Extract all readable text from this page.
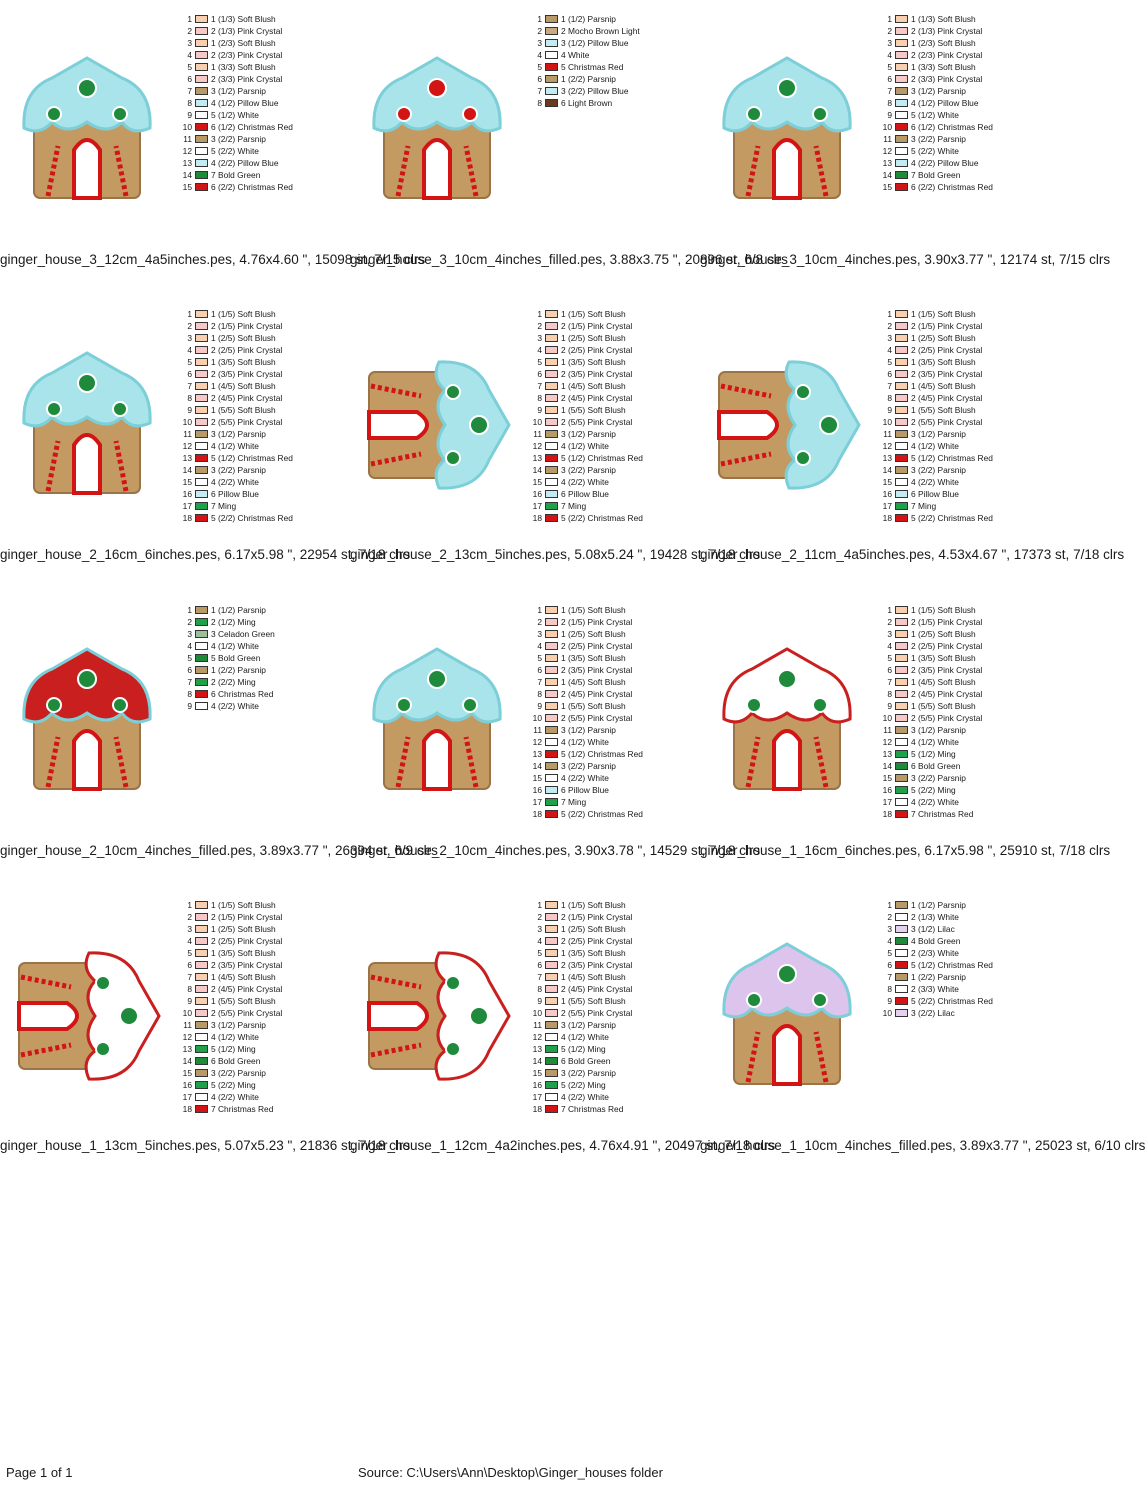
1 1 (1/3) Soft Blush
2 2 (1/3) Pink Crystal
3 1 (2/3) Soft Blush
4 2 (2/3) Pink Crystal
5 1 (3/3) Soft Blush
6 2 (3/3) Pink Crystal
7 3 (1/2) Parsnip
8 4 (1/2) Pillow Blue
9 5 (1/2) White
10 6 (1/2) Christmas Red
11 3 (2/2) Parsnip
12 5 (2/2) White
13 4 (2/2) Pillow Blue
14 7 Bold Green
15 6 (2/2) Christmas Red
ginger_house_3_12cm_4a5inches.pes, 4.76x4.60 ", 15098 st, 7/15 clrs
1 1 (1/2) Parsnip
2 2 Mocho Brown Light
3 3 (1/2) Pillow Blue
4 4 White
5 5 Christmas Red
6 1 (2/2) Parsnip
7 3 (2/2) Pillow Blue
8 6 Light Brown
ginger_house_3_10cm_4inches_filled.pes, 3.88x3.75 ", 20896 st, 6/8 clrs
1 1 (1/3) Soft Blush
2 2 (1/3) Pink Crystal
3 1 (2/3) Soft Blush
4 2 (2/3) Pink Crystal
5 1 (3/3) Soft Blush
6 2 (3/3) Pink Crystal
7 3 (1/2) Parsnip
8 4 (1/2) Pillow Blue
9 5 (1/2) White
10 6 (1/2) Christmas Red
11 3 (2/2) Parsnip
12 5 (2/2) White
13 4 (2/2) Pillow Blue
14 7 Bold Green
15 6 (2/2) Christmas Red
ginger_house_3_10cm_4inches.pes, 3.90x3.77 ", 12174 st, 7/15 clrs
1 1 (1/5) Soft Blush
2 2 (1/5) Pink Crystal
3 1 (2/5) Soft Blush
4 2 (2/5) Pink Crystal
5 1 (3/5) Soft Blush
6 2 (3/5) Pink Crystal
7 1 (4/5) Soft Blush
8 2 (4/5) Pink Crystal
9 1 (5/5) Soft Blush
10 2 (5/5) Pink Crystal
11 3 (1/2) Parsnip
12 4 (1/2) White
13 5 (1/2) Christmas Red
14 3 (2/2) Parsnip
15 4 (2/2) White
16 6 Pillow Blue
17 7 Ming
18 5 (2/2) Christmas Red
ginger_house_2_16cm_6inches.pes, 6.17x5.98 ", 22954 st, 7/18 clrs
1 1 (1/5) Soft Blush
2 2 (1/5) Pink Crystal
3 1 (2/5) Soft Blush
4 2 (2/5) Pink Crystal
5 1 (3/5) Soft Blush
6 2 (3/5) Pink Crystal
7 1 (4/5) Soft Blush
8 2 (4/5) Pink Crystal
9 1 (5/5) Soft Blush
10 2 (5/5) Pink Crystal
11 3 (1/2) Parsnip
12 4 (1/2) White
13 5 (1/2) Christmas Red
14 3 (2/2) Parsnip
15 4 (2/2) White
16 6 Pillow Blue
17 7 Ming
18 5 (2/2) Christmas Red
ginger_house_2_13cm_5inches.pes, 5.08x5.24 ", 19428 st, 7/18 clrs
1 1 (1/5) Soft Blush
2 2 (1/5) Pink Crystal
3 1 (2/5) Soft Blush
4 2 (2/5) Pink Crystal
5 1 (3/5) Soft Blush
6 2 (3/5) Pink Crystal
7 1 (4/5) Soft Blush
8 2 (4/5) Pink Crystal
9 1 (5/5) Soft Blush
10 2 (5/5) Pink Crystal
11 3 (1/2) Parsnip
12 4 (1/2) White
13 5 (1/2) Christmas Red
14 3 (2/2) Parsnip
15 4 (2/2) White
16 6 Pillow Blue
17 7 Ming
18 5 (2/2) Christmas Red
ginger_house_2_11cm_4a5inches.pes, 4.53x4.67 ", 17373 st, 7/18 clrs
1 1 (1/2) Parsnip
2 2 (1/2) Ming
3 3 Celadon Green
4 4 (1/2) White
5 5 Bold Green
6 1 (2/2) Parsnip
7 2 (2/2) Ming
8 6 Christmas Red
9 4 (2/2) White
ginger_house_2_10cm_4inches_filled.pes, 3.89x3.77 ", 26394 st, 6/9 clrs
1 1 (1/5) Soft Blush
2 2 (1/5) Pink Crystal
3 1 (2/5) Soft Blush
4 2 (2/5) Pink Crystal
5 1 (3/5) Soft Blush
6 2 (3/5) Pink Crystal
7 1 (4/5) Soft Blush
8 2 (4/5) Pink Crystal
9 1 (5/5) Soft Blush
10 2 (5/5) Pink Crystal
11 3 (1/2) Parsnip
12 4 (1/2) White
13 5 (1/2) Christmas Red
14 3 (2/2) Parsnip
15 4 (2/2) White
16 6 Pillow Blue
17 7 Ming
18 5 (2/2) Christmas Red
ginger_house_2_10cm_4inches.pes, 3.90x3.78 ", 14529 st, 7/18 clrs
1 1 (1/5) Soft Blush
2 2 (1/5) Pink Crystal
3 1 (2/5) Soft Blush
4 2 (2/5) Pink Crystal
5 1 (3/5) Soft Blush
6 2 (3/5) Pink Crystal
7 1 (4/5) Soft Blush
8 2 (4/5) Pink Crystal
9 1 (5/5) Soft Blush
10 2 (5/5) Pink Crystal
11 3 (1/2) Parsnip
12 4 (1/2) White
13 5 (1/2) Ming
14 6 Bold Green
15 3 (2/2) Parsnip
16 5 (2/2) Ming
17 4 (2/2) White
18 7 Christmas Red
ginger_house_1_16cm_6inches.pes, 6.17x5.98 ", 25910 st, 7/18 clrs
1 1 (1/5) Soft Blush
2 2 (1/5) Pink Crystal
3 1 (2/5) Soft Blush
4 2 (2/5) Pink Crystal
5 1 (3/5) Soft Blush
6 2 (3/5) Pink Crystal
7 1 (4/5) Soft Blush
8 2 (4/5) Pink Crystal
9 1 (5/5) Soft Blush
10 2 (5/5) Pink Crystal
11 3 (1/2) Parsnip
12 4 (1/2) White
13 5 (1/2) Ming
14 6 Bold Green
15 3 (2/2) Parsnip
16 5 (2/2) Ming
17 4 (2/2) White
18 7 Christmas Red
ginger_house_1_13cm_5inches.pes, 5.07x5.23 ", 21836 st, 7/18 clrs
1 1 (1/5) Soft Blush
2 2 (1/5) Pink Crystal
3 1 (2/5) Soft Blush
4 2 (2/5) Pink Crystal
5 1 (3/5) Soft Blush
6 2 (3/5) Pink Crystal
7 1 (4/5) Soft Blush
8 2 (4/5) Pink Crystal
9 1 (5/5) Soft Blush
10 2 (5/5) Pink Crystal
11 3 (1/2) Parsnip
12 4 (1/2) White
13 5 (1/2) Ming
14 6 Bold Green
15 3 (2/2) Parsnip
16 5 (2/2) Ming
17 4 (2/2) White
18 7 Christmas Red
ginger_house_1_12cm_4a2inches.pes, 4.76x4.91 ", 20497 st, 7/18 clrs
1 1 (1/2) Parsnip
2 2 (1/3) White
3 3 (1/2) Lilac
4 4 Bold Green
5 2 (2/3) White
6 5 (1/2) Christmas Red
7 1 (2/2) Parsnip
8 2 (3/3) White
9 5 (2/2) Christmas Red
10 3 (2/2) Lilac
ginger_house_1_10cm_4inches_filled.pes, 3.89x3.77 ", 25023 st, 6/10 clrs
Page 1 of 1	Source: C:\Users\Ann\Desktop\Ginger_houses folder
